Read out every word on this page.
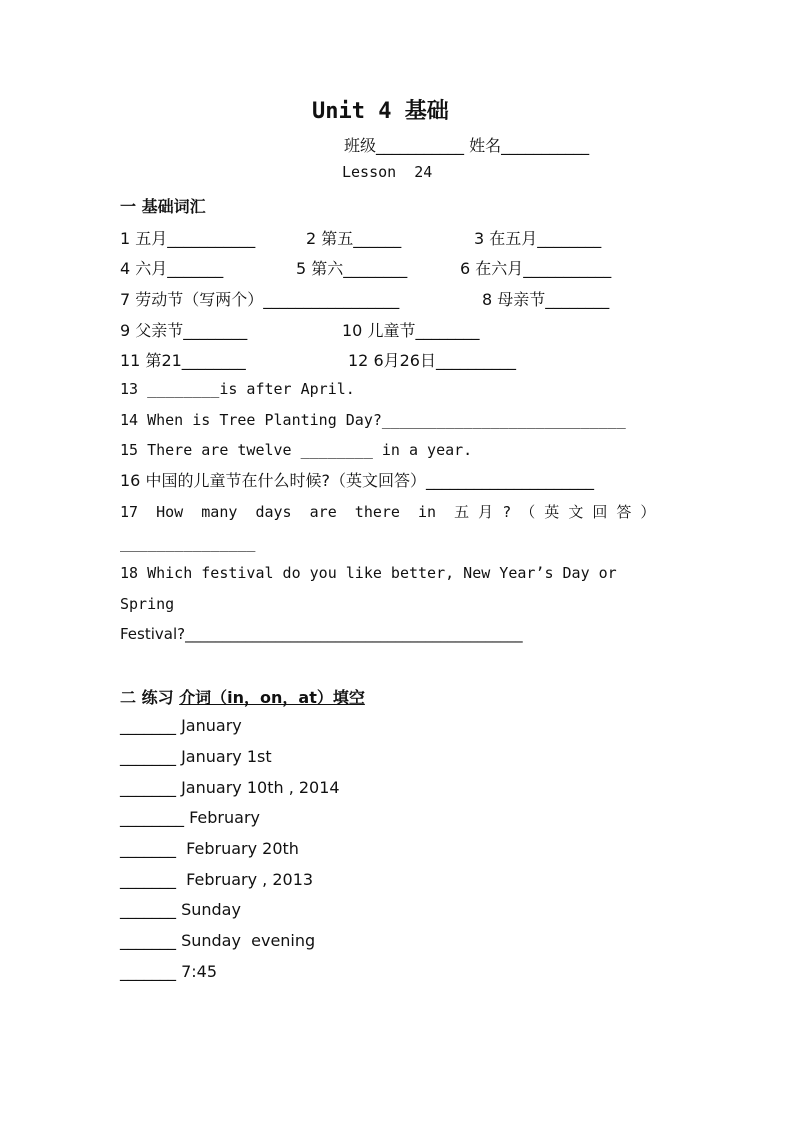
Unit 4 基础
班级___________ 姓名___________
Lesson  24
一 基础词汇
1 五月___________	2 第五______	3 在五月________
4 六月_______	5 第六________	6 在六月___________
7 劳动节（写两个）_________________	8 母亲节________
9 父亲节________	10 儿童节________
11 第21________	12 6月26日__________
13 ________is after April.
14 When is Tree Planting Day?___________________________
15 There are twelve ________ in a year.
16 中国的儿童节在什么时候?（英文回答）_____________________
17  How  many  days  are  there  in  五 月 ? （ 英 文 回 答 ）
_______________
18 Which festival do you like better, New Year’s Day or
Spring
Festival?_____________________________________________
二 练习 介词（in，on，at）填空
_______ January
_______ January 1st
_______ January 10th , 2014
________ February
_______  February 20th
_______  February , 2013
_______ Sunday
_______ Sunday  evening
_______ 7:45
